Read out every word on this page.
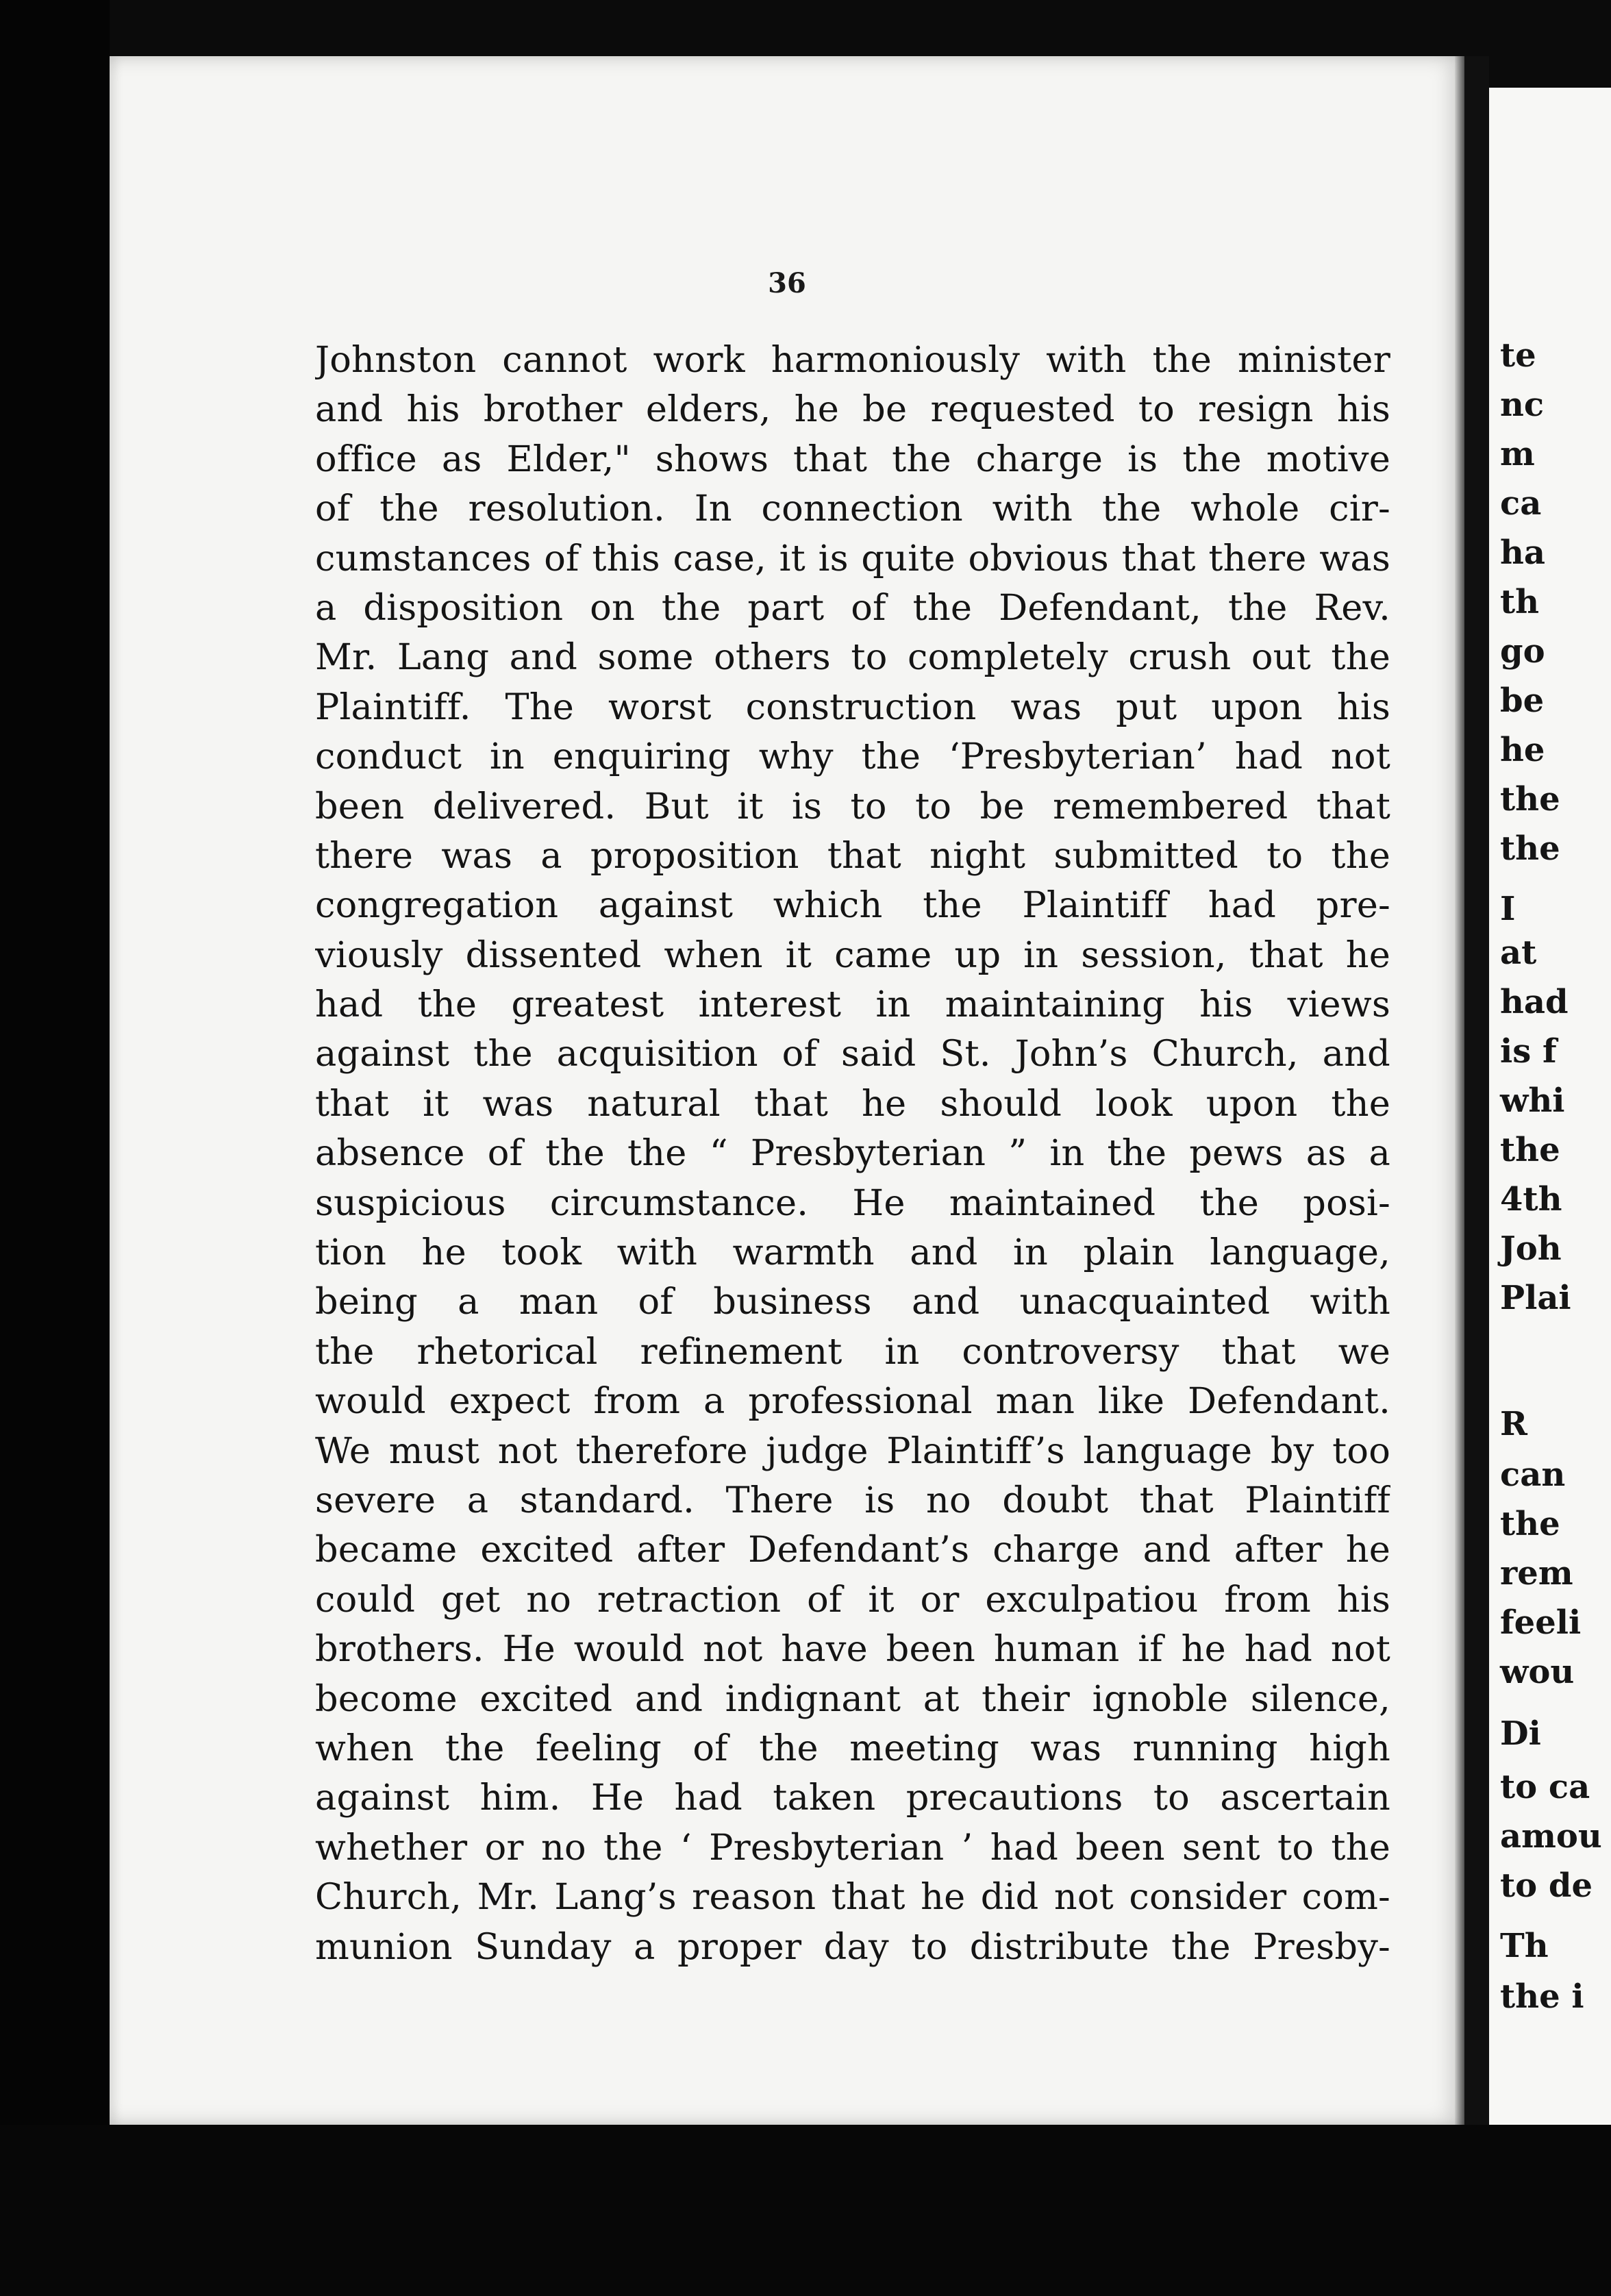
36
Johnston cannot work harmoniously with the minister
and his brother elders, he be requested to resign his
office as Elder," shows that the charge is the motive
of the resolution. In connection with the whole cir-
cumstances of this case, it is quite obvious that there was
a disposition on the part of the Defendant, the Rev.
Mr. Lang and some others to completely crush out the
Plaintiff. The worst construction was put upon his
conduct in enquiring why the ‘Presbyterian’ had not
been delivered. But it is to to be remembered that
there was a proposition that night submitted to the
congregation against which the Plaintiff had pre-
viously dissented when it came up in session, that he
had the greatest interest in maintaining his views
against the acquisition of said St. John’s Church, and
that it was natural that he should look upon the
absence of the the “ Presbyterian ” in the pews as a
suspicious circumstance. He maintained the posi-
tion he took with warmth and in plain language,
being a man of business and unacquainted with
the rhetorical refinement in controversy that we
would expect from a professional man like Defendant.
We must not therefore judge Plaintiff’s language by too
severe a standard. There is no doubt that Plaintiff
became excited after Defendant’s charge and after he
could get no retraction of it or exculpatiou from his
brothers. He would not have been human if he had not
become excited and indignant at their ignoble silence,
when the feeling of the meeting was running high
against him. He had taken precautions to ascertain
whether or no the ‘ Presbyterian ’ had been sent to the
Church, Mr. Lang’s reason that he did not consider com-
munion Sunday a proper day to distribute the Presby-
te
nc
m
ca
ha
th
go
be
he
the
the
I
at
had
is f
whi
the
4th
Joh
Plai
R
can
the
rem
feeli
wou
Di
to ca
amou
to de
Th
the i
